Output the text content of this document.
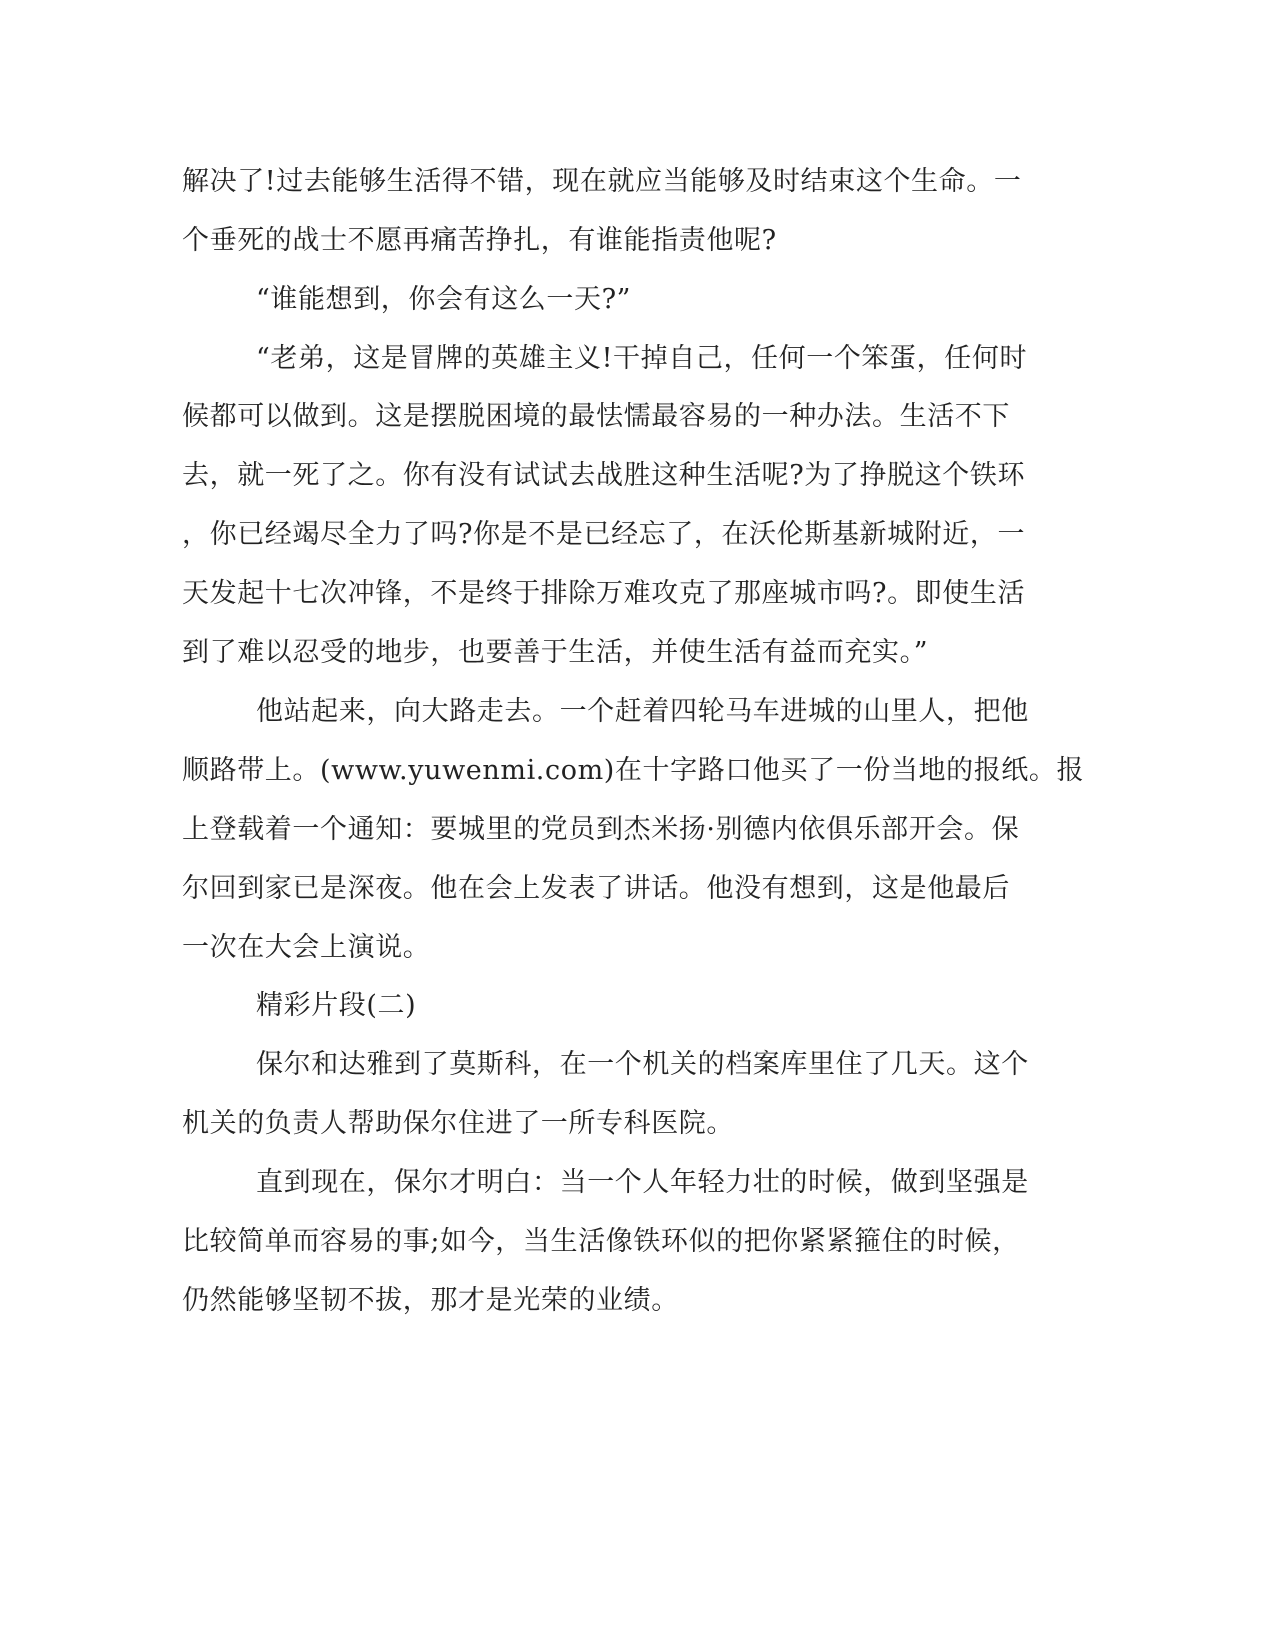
解决了!过去能够生活得不错，现在就应当能够及时结束这个生命。一
个垂死的战士不愿再痛苦挣扎，有谁能指责他呢?
“谁能想到，你会有这么一天?”
“老弟，这是冒牌的英雄主义!干掉自己，任何一个笨蛋，任何时
候都可以做到。这是摆脱困境的最怯懦最容易的一种办法。生活不下
去，就一死了之。你有没有试试去战胜这种生活呢?为了挣脱这个铁环
，你已经竭尽全力了吗?你是不是已经忘了，在沃伦斯基新城附近，一
天发起十七次冲锋，不是终于排除万难攻克了那座城市吗?。即使生活
到了难以忍受的地步，也要善于生活，并使生活有益而充实。”
他站起来，向大路走去。一个赶着四轮马车进城的山里人，把他
顺路带上。(www.yuwenmi.com)在十字路口他买了一份当地的报纸。报
上登载着一个通知：要城里的党员到杰米扬·别德内依俱乐部开会。保
尔回到家已是深夜。他在会上发表了讲话。他没有想到，这是他最后
一次在大会上演说。
精彩片段(二)
保尔和达雅到了莫斯科，在一个机关的档案库里住了几天。这个
机关的负责人帮助保尔住进了一所专科医院。
直到现在，保尔才明白：当一个人年轻力壮的时候，做到坚强是
比较简单而容易的事;如今，当生活像铁环似的把你紧紧箍住的时候，
仍然能够坚韧不拔，那才是光荣的业绩。
